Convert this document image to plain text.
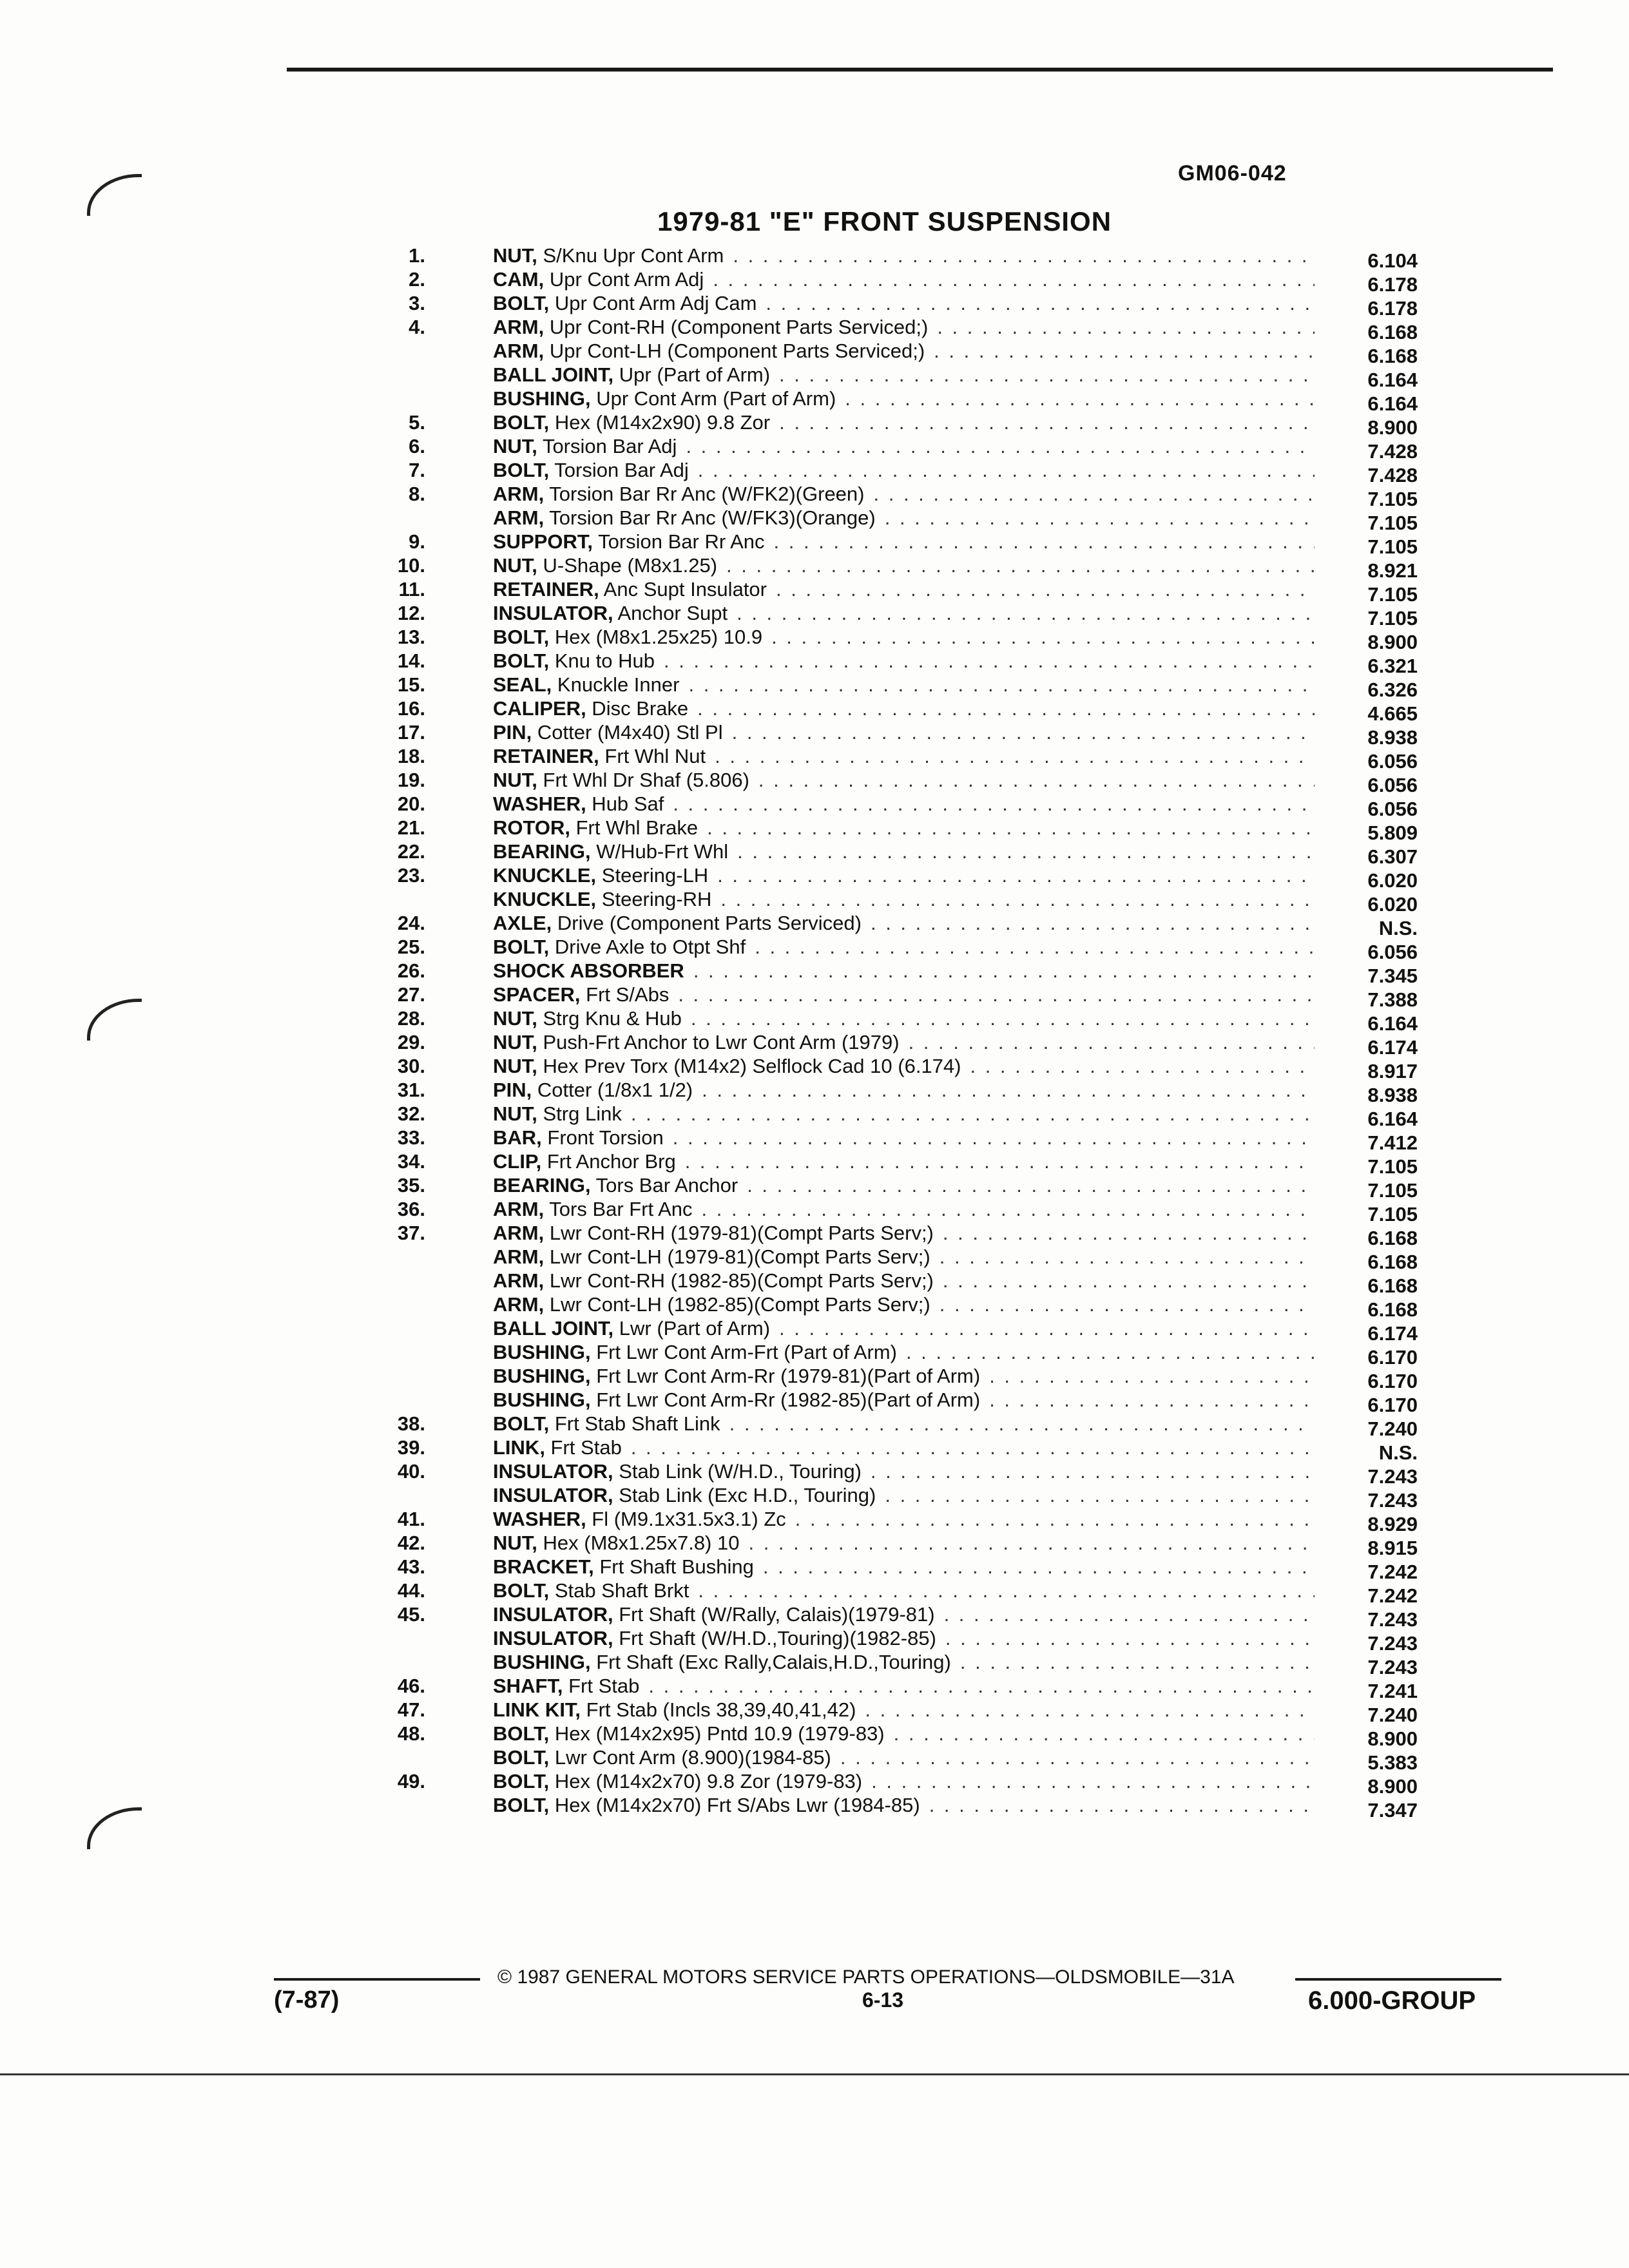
GM06-042
1979-81 "E" FRONT SUSPENSION
1.	NUT, S/Knu Upr Cont Arm . . .	6.104
2.	CAM, Upr Cont Arm Adj . . .	6.178
3.	BOLT, Upr Cont Arm Adj Cam . . .	6.178
4.	ARM, Upr Cont-RH (Component Parts Serviced;) . . .	6.168
ARM, Upr Cont-LH (Component Parts Serviced;) . . .	6.168
BALL JOINT, Upr (Part of Arm) . . .	6.164
BUSHING, Upr Cont Arm (Part of Arm) . . .	6.164
5.	BOLT, Hex (M14x2x90) 9.8 Zor . . .	8.900
6.	NUT, Torsion Bar Adj . . .	7.428
7.	BOLT, Torsion Bar Adj . . .	7.428
8.	ARM, Torsion Bar Rr Anc (W/FK2)(Green) . . .	7.105
ARM, Torsion Bar Rr Anc (W/FK3)(Orange) . . .	7.105
9.	SUPPORT, Torsion Bar Rr Anc . . .	7.105
10.	NUT, U-Shape (M8x1.25) . . .	8.921
11.	RETAINER, Anc Supt Insulator . . .	7.105
12.	INSULATOR, Anchor Supt . . .	7.105
13.	BOLT, Hex (M8x1.25x25) 10.9 . . .	8.900
14.	BOLT, Knu to Hub . . .	6.321
15.	SEAL, Knuckle Inner . . .	6.326
16.	CALIPER, Disc Brake . . .	4.665
17.	PIN, Cotter (M4x40) Stl Pl . . .	8.938
18.	RETAINER, Frt Whl Nut . . .	6.056
19.	NUT, Frt Whl Dr Shaf (5.806) . . .	6.056
20.	WASHER, Hub Saf . . .	6.056
21.	ROTOR, Frt Whl Brake . . .	5.809
22.	BEARING, W/Hub-Frt Whl . . .	6.307
23.	KNUCKLE, Steering-LH . . .	6.020
KNUCKLE, Steering-RH . . .	6.020
24.	AXLE, Drive (Component Parts Serviced) . . .	N.S.
25.	BOLT, Drive Axle to Otpt Shf . . .	6.056
26.	SHOCK ABSORBER . . .	7.345
27.	SPACER, Frt S/Abs . . .	7.388
28.	NUT, Strg Knu & Hub . . .	6.164
29.	NUT, Push-Frt Anchor to Lwr Cont Arm (1979) . . .	6.174
30.	NUT, Hex Prev Torx (M14x2) Selflock Cad 10 (6.174) . . .	8.917
31.	PIN, Cotter (1/8x1 1/2) . . .	8.938
32.	NUT, Strg Link . . .	6.164
33.	BAR, Front Torsion . . .	7.412
34.	CLIP, Frt Anchor Brg . . .	7.105
35.	BEARING, Tors Bar Anchor . . .	7.105
36.	ARM, Tors Bar Frt Anc . . .	7.105
37.	ARM, Lwr Cont-RH (1979-81)(Compt Parts Serv;) . . .	6.168
ARM, Lwr Cont-LH (1979-81)(Compt Parts Serv;) . . .	6.168
ARM, Lwr Cont-RH (1982-85)(Compt Parts Serv;) . . .	6.168
ARM, Lwr Cont-LH (1982-85)(Compt Parts Serv;) . . .	6.168
BALL JOINT, Lwr (Part of Arm) . . .	6.174
BUSHING, Frt Lwr Cont Arm-Frt (Part of Arm) . . .	6.170
BUSHING, Frt Lwr Cont Arm-Rr (1979-81)(Part of Arm) . . .	6.170
BUSHING, Frt Lwr Cont Arm-Rr (1982-85)(Part of Arm) . . .	6.170
38.	BOLT, Frt Stab Shaft Link . . .	7.240
39.	LINK, Frt Stab . . .	N.S.
40.	INSULATOR, Stab Link (W/H.D., Touring) . . .	7.243
INSULATOR, Stab Link (Exc H.D., Touring) . . .	7.243
41.	WASHER, Fl (M9.1x31.5x3.1) Zc . . .	8.929
42.	NUT, Hex (M8x1.25x7.8) 10 . . .	8.915
43.	BRACKET, Frt Shaft Bushing . . .	7.242
44.	BOLT, Stab Shaft Brkt . . .	7.242
45.	INSULATOR, Frt Shaft (W/Rally, Calais)(1979-81) . . .	7.243
INSULATOR, Frt Shaft (W/H.D.,Touring)(1982-85) . . .	7.243
BUSHING, Frt Shaft (Exc Rally,Calais,H.D.,Touring) . . .	7.243
46.	SHAFT, Frt Stab . . .	7.241
47.	LINK KIT, Frt Stab (Incls 38,39,40,41,42) . . .	7.240
48.	BOLT, Hex (M14x2x95) Pntd 10.9 (1979-83) . . .	8.900
BOLT, Lwr Cont Arm (8.900)(1984-85) . . .	5.383
49.	BOLT, Hex (M14x2x70) 9.8 Zor (1979-83) . . .	8.900
BOLT, Hex (M14x2x70) Frt S/Abs Lwr (1984-85) . . .	7.347
© 1987 GENERAL MOTORS SERVICE PARTS OPERATIONS—OLDSMOBILE—31A
(7-87)	6-13	6.000-GROUP
